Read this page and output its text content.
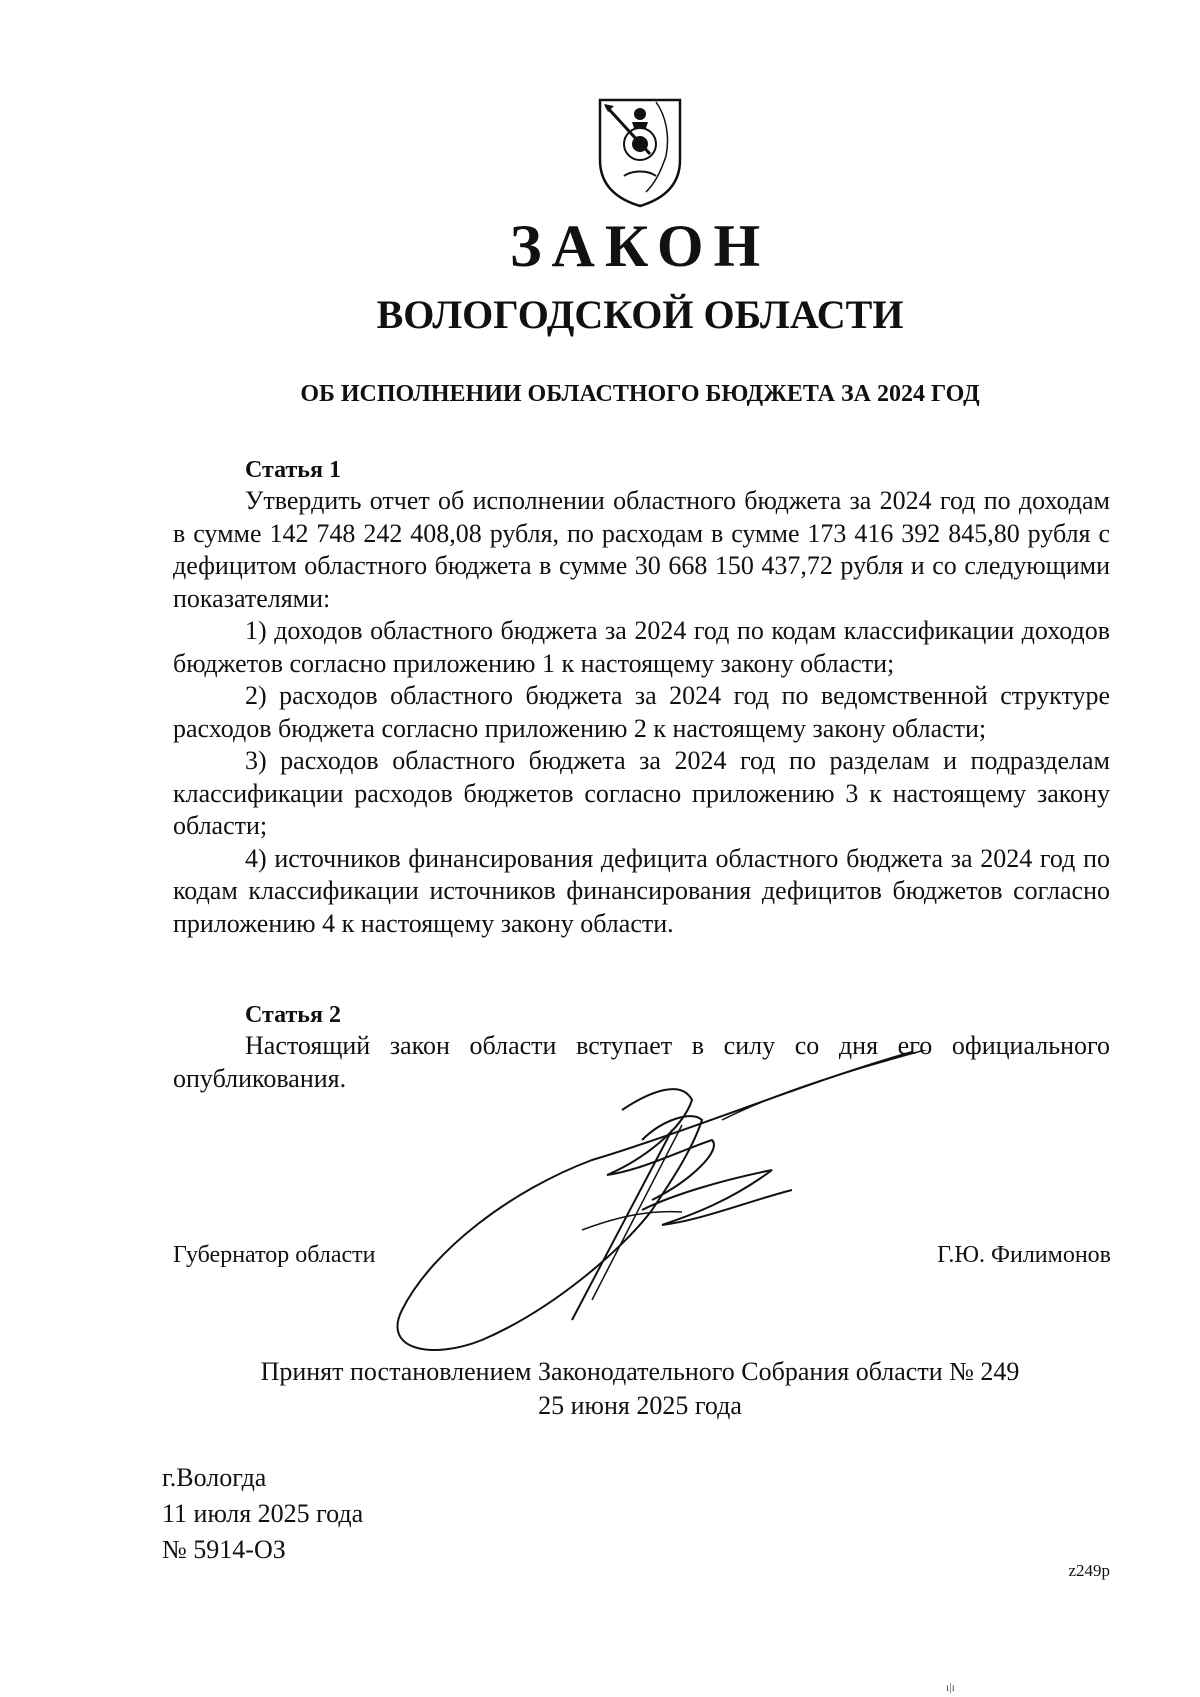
ЗАКОН
ВОЛОГОДСКОЙ ОБЛАСТИ
ОБ ИСПОЛНЕНИИ ОБЛАСТНОГО БЮДЖЕТА ЗА 2024 ГОД
Статья 1

Утвердить отчет об исполнении областного бюджета за 2024 год по доходам в сумме 142 748 242 408,08 рубля, по расходам в сумме 173 416 392 845,80 рубля с дефицитом областного бюджета в сумме 30 668 150 437,72 рубля и со следующими показателями:

1) доходов областного бюджета за 2024 год по кодам классификации доходов бюджетов согласно приложению 1 к настоящему закону области;

2) расходов областного бюджета за 2024 год по ведомственной структуре расходов бюджета согласно приложению 2 к настоящему закону области;

3) расходов областного бюджета за 2024 год по разделам и подразделам классификации расходов бюджетов согласно приложению 3 к настоящему закону области;

4) источников финансирования дефицита областного бюджета за 2024 год по кодам классификации источников финансирования дефицитов бюджетов согласно приложению 4 к настоящему закону области.

Статья 2

Настоящий закон области вступает в силу со дня его официального опубликования.

Губернатор области	Г.Ю. Филимонов
Принят постановлением Законодательного Собрания области № 249
25 июня 2025 года
г.Вологда
11 июля 2025 года
№ 5914-ОЗ
z249p
ı|ı
